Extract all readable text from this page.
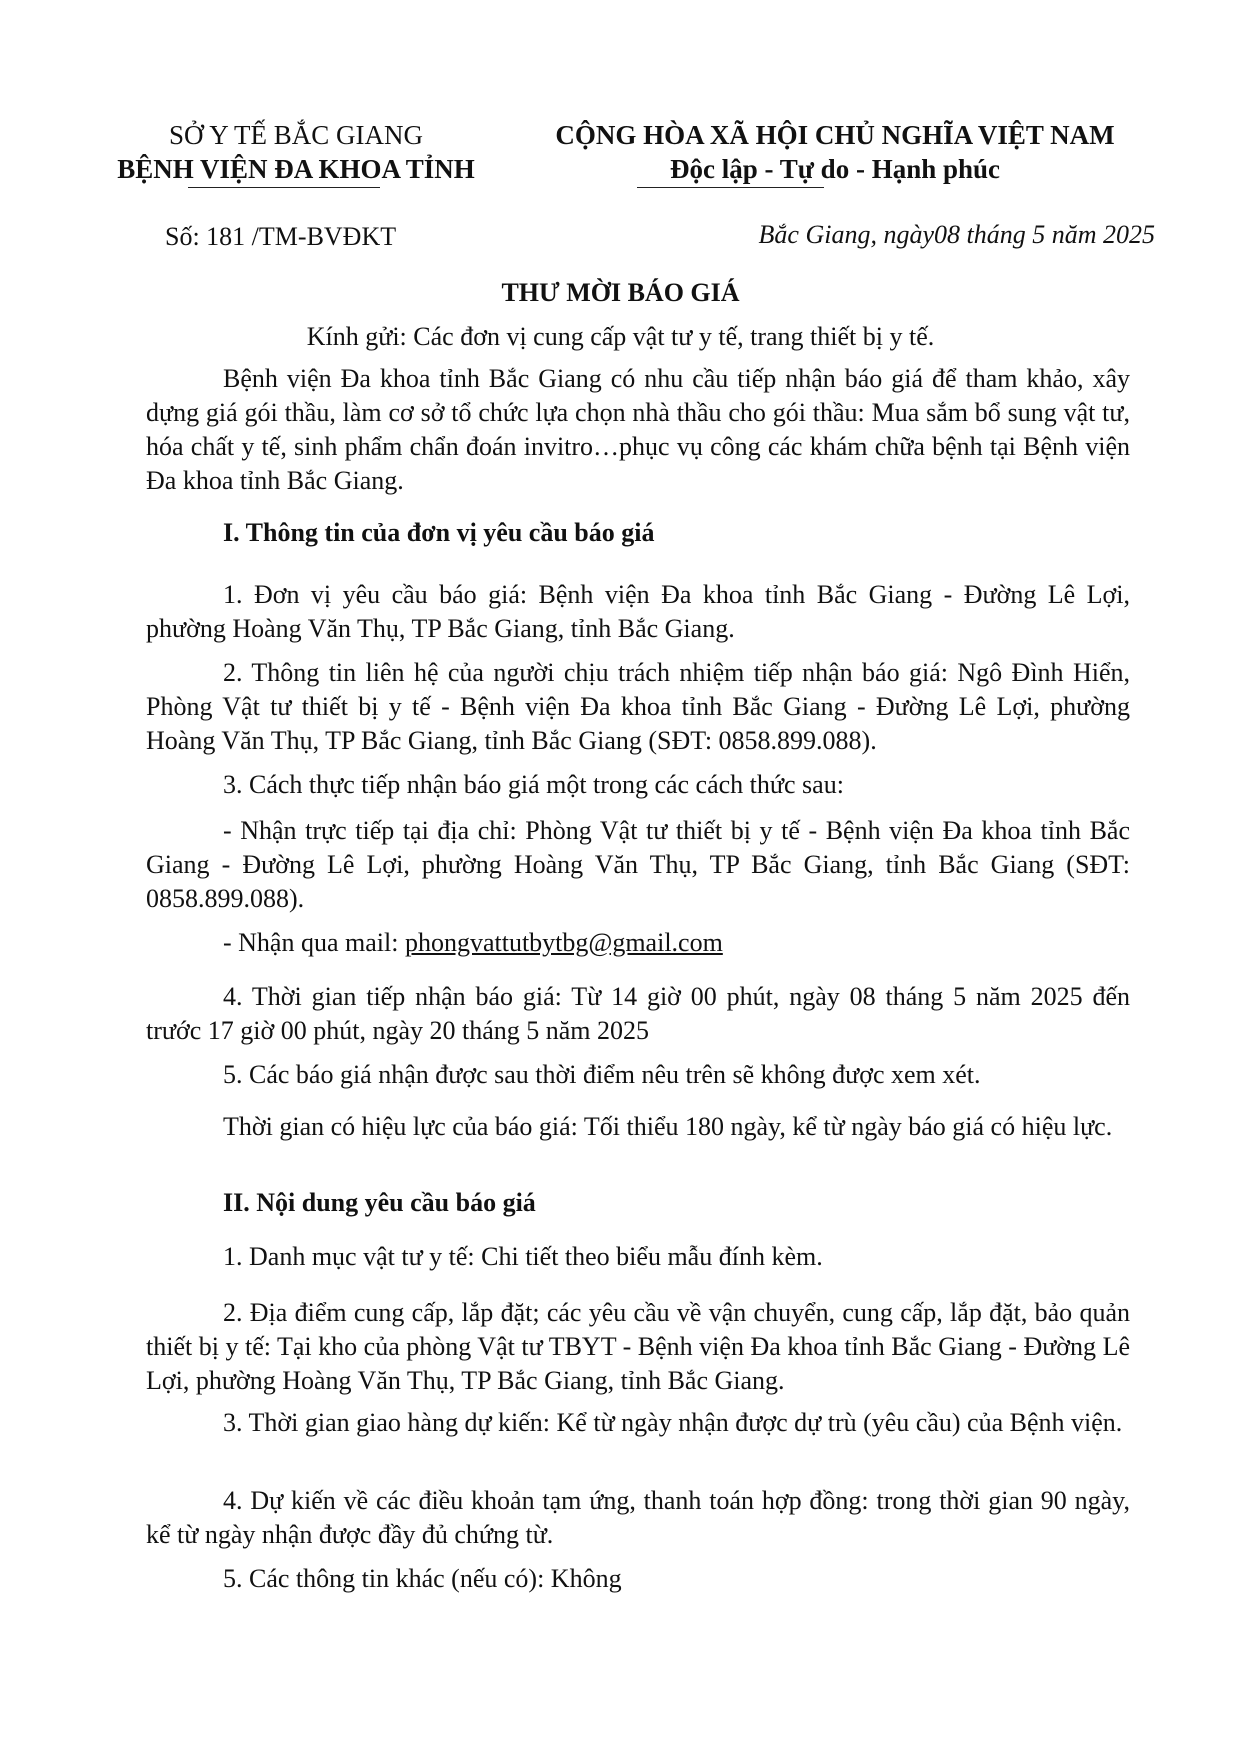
SỞ Y TẾ BẮC GIANG
BỆNH VIỆN ĐA KHOA TỈNH
CỘNG HÒA XÃ HỘI CHỦ NGHĨA VIỆT NAM
Độc lập - Tự do - Hạnh phúc
Số: 181 /TM-BVĐKT	Bắc Giang, ngày08 tháng 5 năm 2025
THƯ MỜI BÁO GIÁ
Kính gửi: Các đơn vị cung cấp vật tư y tế, trang thiết bị y tế.
Bệnh viện Đa khoa tỉnh Bắc Giang có nhu cầu tiếp nhận báo giá để tham khảo, xây dựng giá gói thầu, làm cơ sở tổ chức lựa chọn nhà thầu cho gói thầu: Mua sắm bổ sung vật tư, hóa chất y tế, sinh phẩm chẩn đoán invitro…phục vụ công các khám chữa bệnh tại Bệnh viện Đa khoa tỉnh Bắc Giang.
I. Thông tin của đơn vị yêu cầu báo giá
1. Đơn vị yêu cầu báo giá: Bệnh viện Đa khoa tỉnh Bắc Giang - Đường Lê Lợi, phường Hoàng Văn Thụ, TP Bắc Giang, tỉnh Bắc Giang.
2. Thông tin liên hệ của người chịu trách nhiệm tiếp nhận báo giá: Ngô Đình Hiển, Phòng Vật tư thiết bị y tế - Bệnh viện Đa khoa tỉnh Bắc Giang - Đường Lê Lợi, phường Hoàng Văn Thụ, TP Bắc Giang, tỉnh Bắc Giang (SĐT: 0858.899.088).
3. Cách thực tiếp nhận báo giá một trong các cách thức sau:
- Nhận trực tiếp tại địa chỉ: Phòng Vật tư thiết bị y tế - Bệnh viện Đa khoa tỉnh Bắc Giang - Đường Lê Lợi, phường Hoàng Văn Thụ, TP Bắc Giang, tỉnh Bắc Giang (SĐT: 0858.899.088).
- Nhận qua mail: phongvattutbytbg@gmail.com
4. Thời gian tiếp nhận báo giá: Từ 14 giờ 00 phút, ngày 08 tháng 5 năm 2025 đến trước 17 giờ 00 phút, ngày 20 tháng 5 năm 2025
5. Các báo giá nhận được sau thời điểm nêu trên sẽ không được xem xét.
Thời gian có hiệu lực của báo giá: Tối thiểu 180 ngày, kể từ ngày báo giá có hiệu lực.
II. Nội dung yêu cầu báo giá
1. Danh mục vật tư y tế: Chi tiết theo biểu mẫu đính kèm.
2. Địa điểm cung cấp, lắp đặt; các yêu cầu về vận chuyển, cung cấp, lắp đặt, bảo quản thiết bị y tế: Tại kho của phòng Vật tư TBYT - Bệnh viện Đa khoa tỉnh Bắc Giang - Đường Lê Lợi, phường Hoàng Văn Thụ, TP Bắc Giang, tỉnh Bắc Giang.
3. Thời gian giao hàng dự kiến: Kể từ ngày nhận được dự trù (yêu cầu) của Bệnh viện.
4. Dự kiến về các điều khoản tạm ứng, thanh toán hợp đồng: trong thời gian 90 ngày, kể từ ngày nhận được đầy đủ chứng từ.
5. Các thông tin khác (nếu có): Không
